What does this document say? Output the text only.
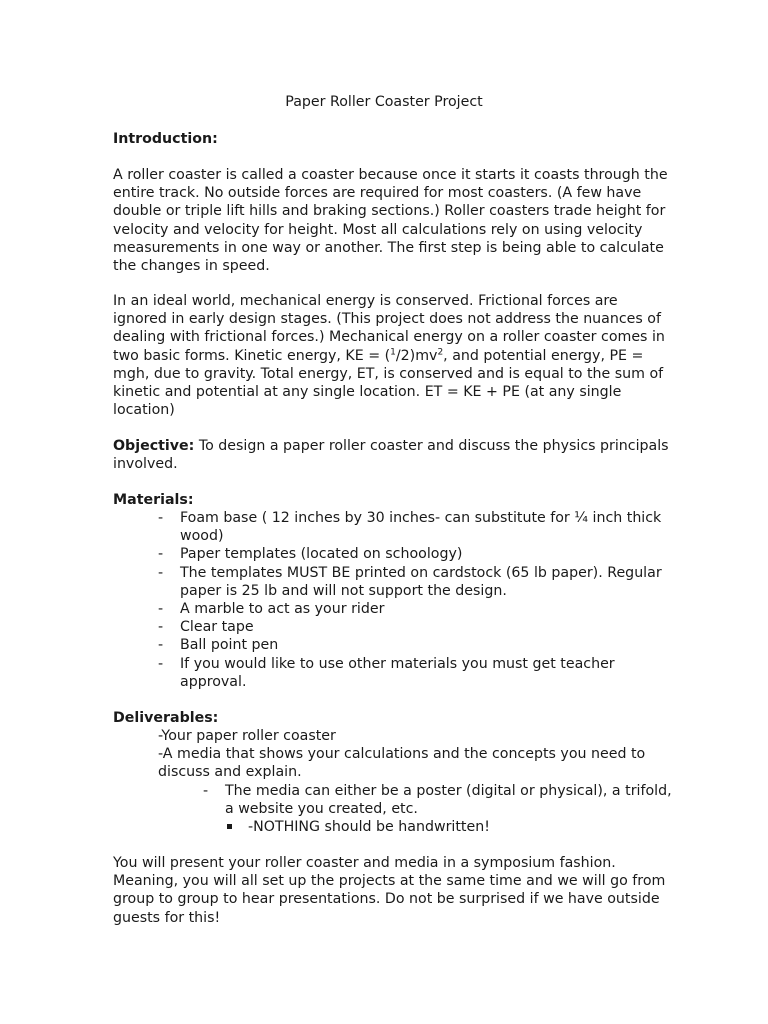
Paper Roller Coaster Project
Introduction:

A roller coaster is called a coaster because once it starts it coasts through the entire track. No outside forces are required for most coasters. (A few have double or triple lift hills and braking sections.) Roller coasters trade height for velocity and velocity for height. Most all calculations rely on using velocity measurements in one way or another. The first step is being able to calculate the changes in speed.

In an ideal world, mechanical energy is conserved. Frictional forces are ignored in early design stages. (This project does not address the nuances of dealing with frictional forces.) Mechanical energy on a roller coaster comes in two basic forms. Kinetic energy, KE = $(^1/2)mv^2$, and potential energy, PE = mgh, due to gravity. Total energy, ET, is conserved and is equal to the sum of kinetic and potential at any single location. ET = KE + PE (at any single location)

Objective: To design a paper roller coaster and discuss the physics principals involved.

Materials:
- Foam base ( 12 inches by 30 inches- can substitute for ¼ inch thick wood)
- Paper templates (located on schoology)
- The templates MUST BE printed on cardstock (65 lb paper). Regular paper is 25 lb and will not support the design.
- A marble to act as your rider
- Clear tape
- Ball point pen
- If you would like to use other materials you must get teacher approval.
Deliverables:
-Your paper roller coaster
-A media that shows your calculations and the concepts you need to discuss and explain.
- The media can either be a poster (digital or physical), a trifold, a website you created, etc.
-NOTHING should be handwritten!

You will present your roller coaster and media in a symposium fashion. Meaning, you will all set up the projects at the same time and we will go from group to group to hear presentations. Do not be surprised if we have outside guests for this!
